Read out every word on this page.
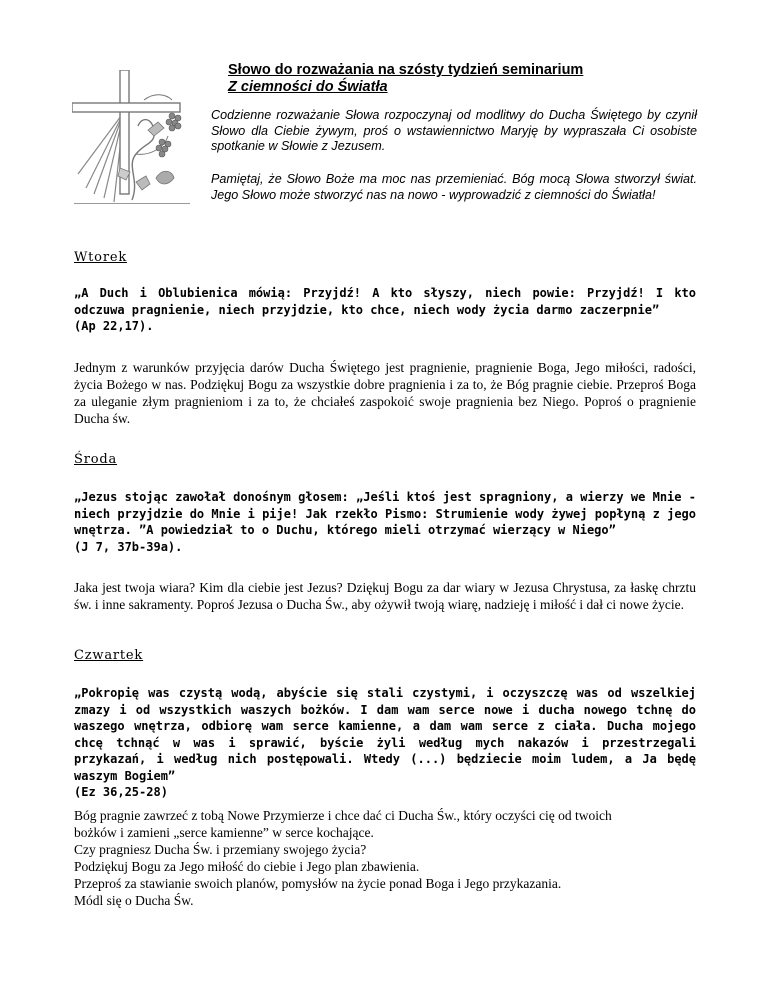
Słowo do rozważania na szósty tydzień seminarium
Z ciemności do Światła

Codzienne rozważanie Słowa rozpoczynaj od modlitwy do Ducha Świętego by czynił Słowo dla Ciebie żywym, proś o wstawiennictwo Maryję by wypraszała Ci osobiste spotkanie w Słowie z Jezusem.

Pamiętaj, że Słowo Boże ma moc nas przemieniać. Bóg mocą Słowa stworzył świat. Jego Słowo może stworzyć nas na nowo - wyprowadzić z ciemności do Światła!

Wtorek

„A Duch i Oblubienica mówią: Przyjdź! A kto słyszy, niech powie: Przyjdź! I kto odczuwa pragnienie, niech przyjdzie, kto chce, niech wody życia darmo zaczerpnie”
(Ap 22,17).

Jednym z warunków przyjęcia darów Ducha Świętego jest pragnienie, pragnienie Boga, Jego miłości, radości, życia Bożego w nas. Podziękuj Bogu za wszystkie dobre pragnienia i za to, że Bóg pragnie ciebie. Przeproś Boga za uleganie złym pragnieniom i za to, że chciałeś zaspokoić swoje pragnienia bez Niego. Poproś o pragnienie Ducha św.

Środa

„Jezus stojąc zawołał donośnym głosem: „Jeśli ktoś jest spragniony, a wierzy we Mnie - niech przyjdzie do Mnie i pije! Jak rzekło Pismo: Strumienie wody żywej popłyną z jego wnętrza. ”A powiedział to o Duchu, którego mieli otrzymać wierzący w Niego”
(J 7, 37b-39a).

Jaka jest twoja wiara? Kim dla ciebie jest Jezus? Dziękuj Bogu za dar wiary w Jezusa Chrystusa, za łaskę chrztu św. i inne sakramenty. Poproś Jezusa o Ducha Św., aby ożywił twoją wiarę, nadzieję i miłość i dał ci nowe życie.

Czwartek

„Pokropię was czystą wodą, abyście się stali czystymi, i oczyszczę was od wszelkiej zmazy i od wszystkich waszych bożków. I dam wam serce nowe i ducha nowego tchnę do waszego wnętrza, odbiorę wam serce kamienne, a dam wam serce z ciała. Ducha mojego chcę tchnąć w was i sprawić, byście żyli według mych nakazów i przestrzegali przykazań, i według nich postępowali. Wtedy (...) będziecie moim ludem, a Ja będę waszym Bogiem”
(Ez 36,25-28)

Bóg pragnie zawrzeć z tobą Nowe Przymierze i chce dać ci Ducha Św., który oczyści cię od twoich
bożków i zamieni „serce kamienne” w serce kochające.
Czy pragniesz Ducha Św. i przemiany swojego życia?
Podziękuj Bogu za Jego miłość do ciebie i Jego plan zbawienia.
Przeproś za stawianie swoich planów, pomysłów na życie ponad Boga i Jego przykazania.
Módl się o Ducha Św.
